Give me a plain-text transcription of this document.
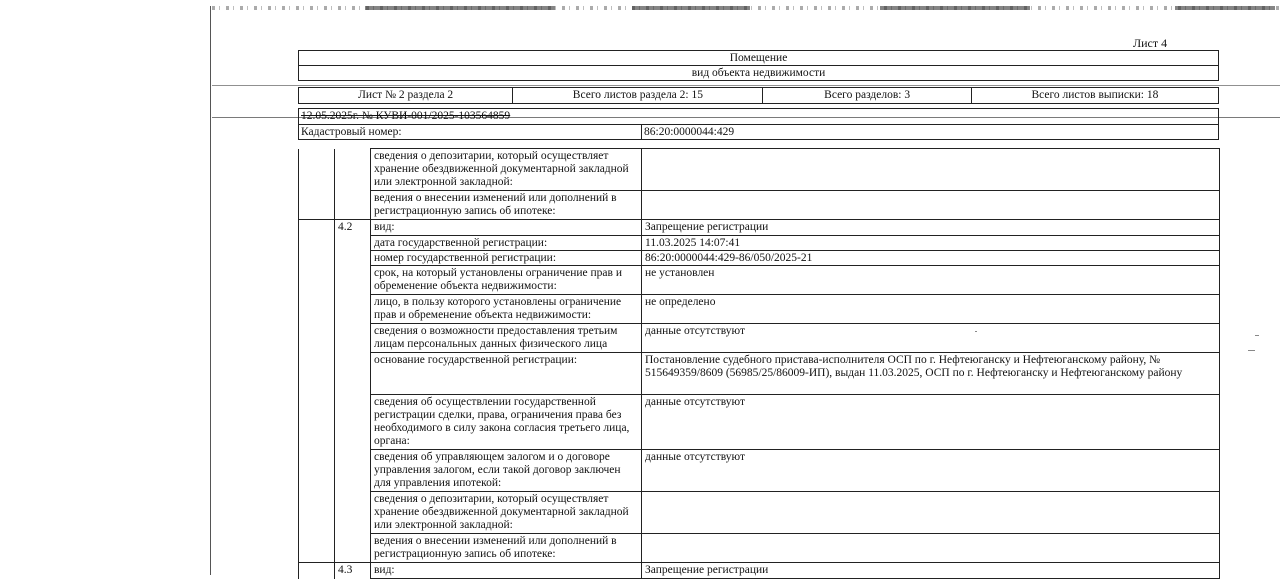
Лист 4
Помещение
вид объекта недвижимости
Лист № 2 раздела 2	Всего листов раздела 2: 15	Всего разделов: 3	Всего листов выписки: 18
12.05.2025г. № КУВИ-001/2025-103564859
Кадастровый номер:	86:20:0000044:429
		сведения о депозитарии, который осуществляет хранение обездвиженной документарной закладной или электронной закладной:	
		ведения о внесении изменений или дополнений в регистрационную запись об ипотеке:	
	4.2	вид:	Запрещение регистрации
		дата государственной регистрации:	11.03.2025 14:07:41
		номер государственной регистрации:	86:20:0000044:429-86/050/2025-21
		срок, на который установлены ограничение прав и обременение объекта недвижимости:	не установлен
		лицо, в пользу которого установлены ограничение прав и обременение объекта недвижимости:	не определено
		сведения о возможности предоставления третьим лицам персональных данных физического лица	данные отсутствуют
		основание государственной регистрации:	Постановление судебного пристава-исполнителя ОСП по г. Нефтеюганску и Нефтеюганскому району, № 515649359/8609 (56985/25/86009-ИП), выдан 11.03.2025, ОСП по г. Нефтеюганску и Нефтеюганскому району
		сведения об осуществлении государственной регистрации сделки, права, ограничения права без необходимого в силу закона согласия третьего лица, органа:	данные отсутствуют
		сведения об управляющем залогом и о договоре управления залогом, если такой договор заключен для управления ипотекой:	данные отсутствуют
		сведения о депозитарии, который осуществляет хранение обездвиженной документарной закладной или электронной закладной:	
		ведения о внесении изменений или дополнений в регистрационную запись об ипотеке:	
	4.3	вид:	Запрещение регистрации
